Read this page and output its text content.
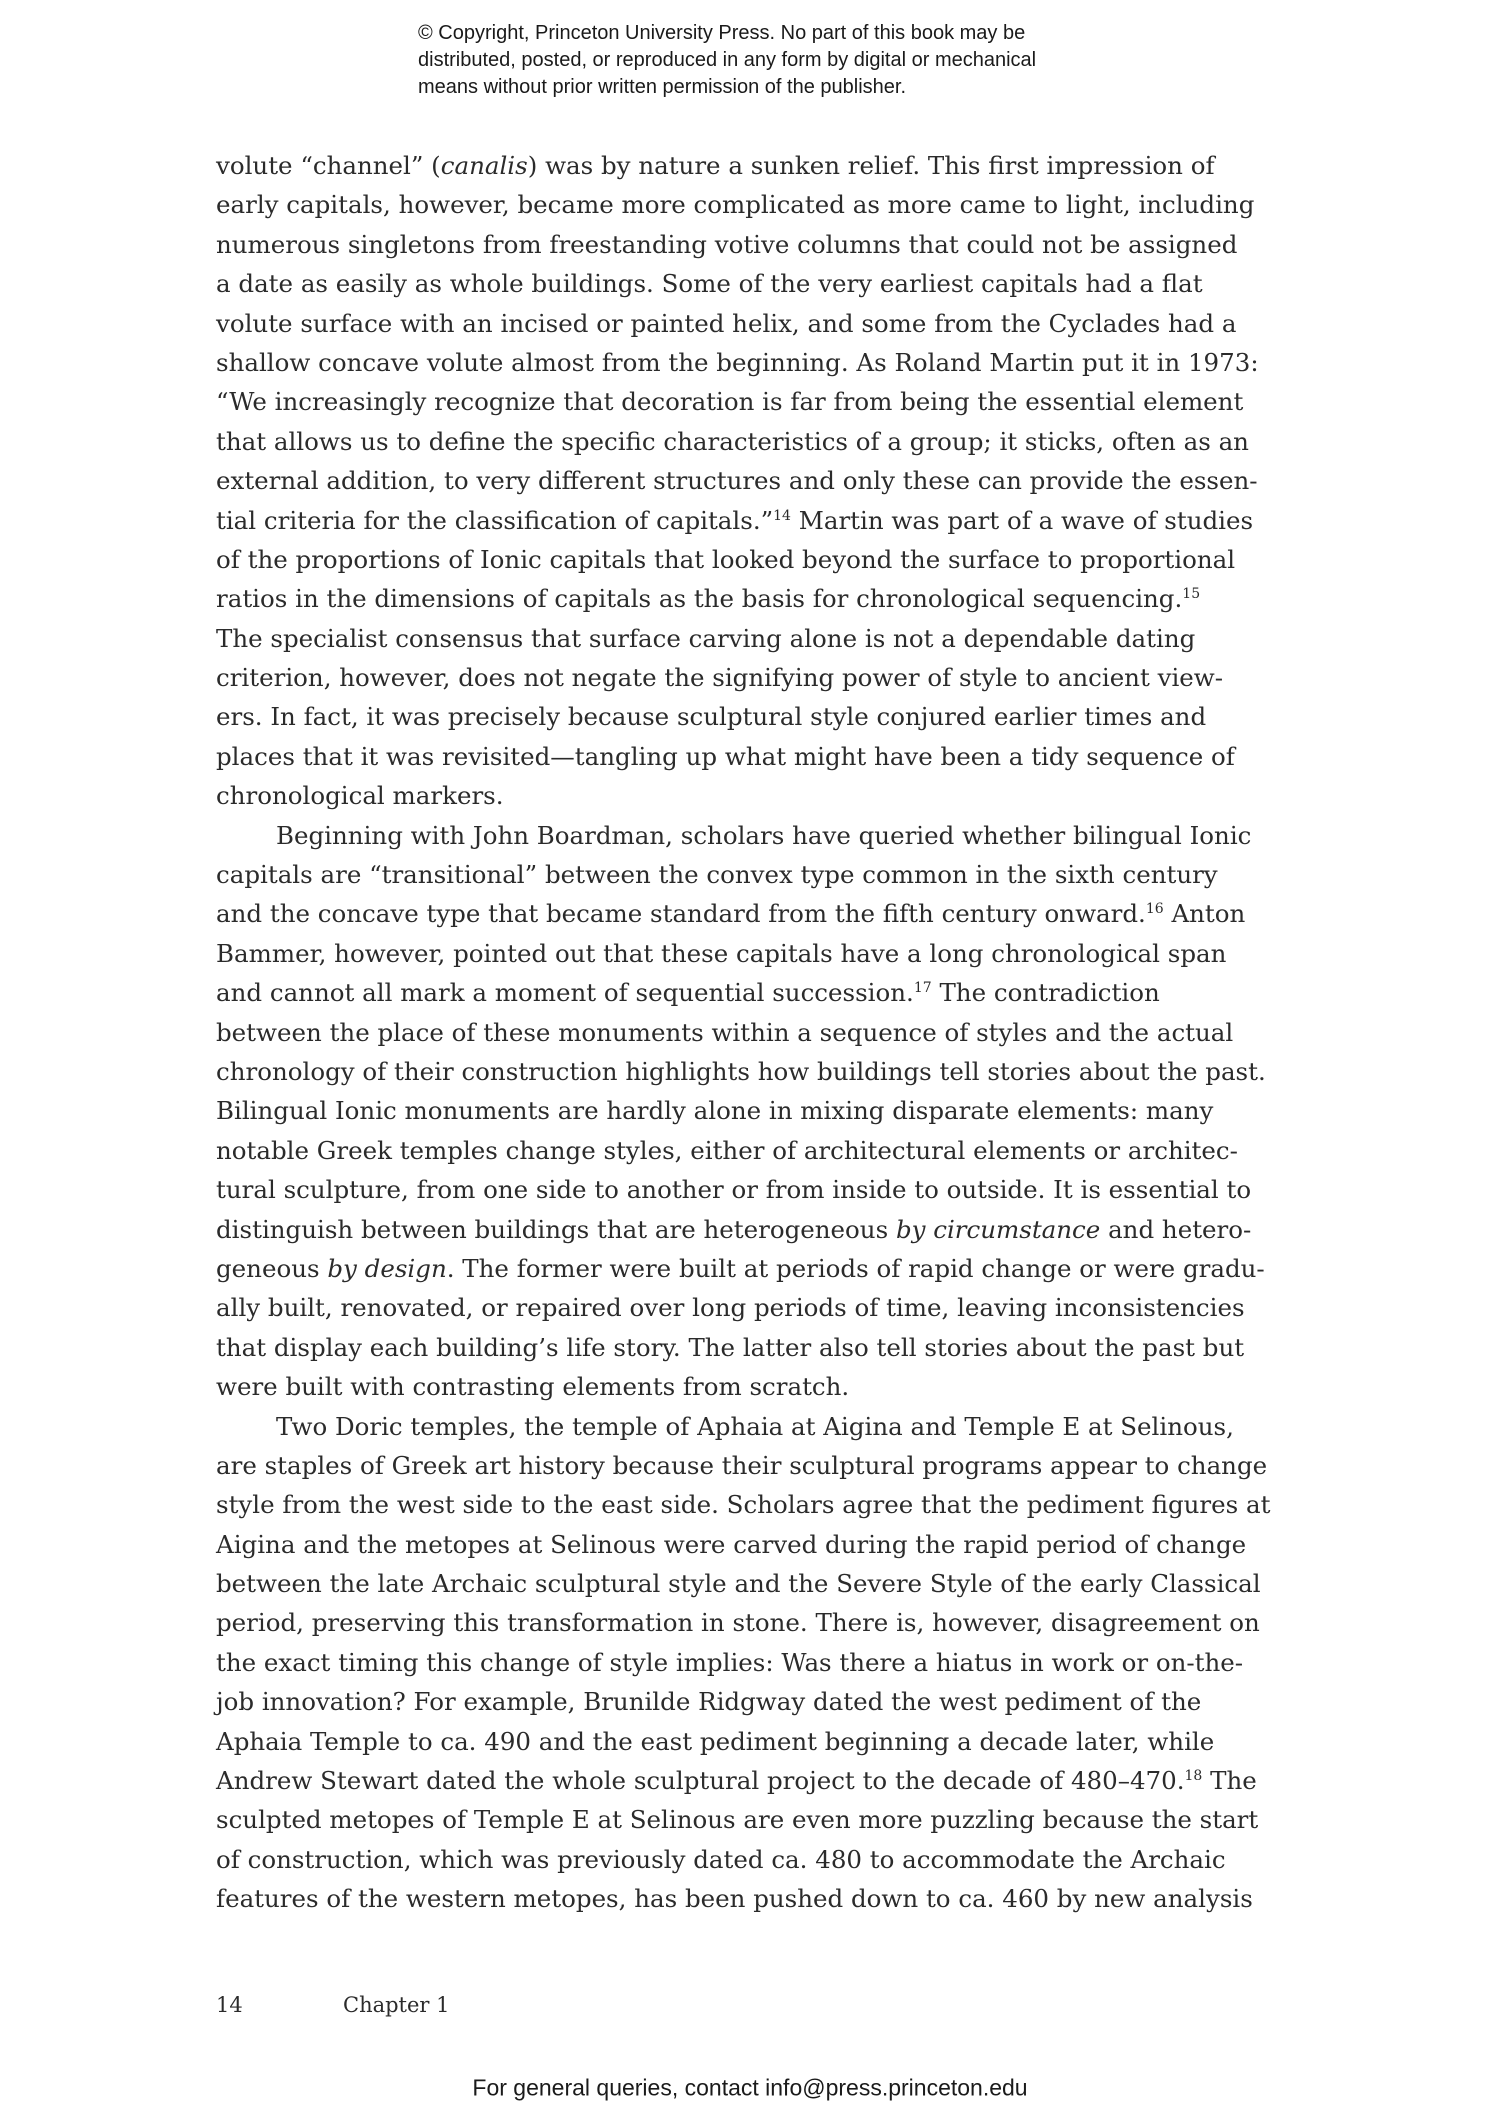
© Copyright, Princeton University Press. No part of this book may be
distributed, posted, or reproduced in any form by digital or mechanical
means without prior written permission of the publisher.
volute “channel” (canalis) was by nature a sunken relief. This first impression of
early capitals, however, became more complicated as more came to light, including
numerous singletons from freestanding votive columns that could not be assigned
a date as easily as whole buildings. Some of the very earliest capitals had a flat
volute surface with an incised or painted helix, and some from the Cyclades had a
shallow concave volute almost from the beginning. As Roland Martin put it in 1973:
“We increasingly recognize that decoration is far from being the essential element
that allows us to define the specific characteristics of a group; it sticks, often as an
external addition, to very different structures and only these can provide the essen-
tial criteria for the classification of capitals.”$^{14}$ Martin was part of a wave of studies
of the proportions of Ionic capitals that looked beyond the surface to proportional
ratios in the dimensions of capitals as the basis for chronological sequencing.$^{15}$
The specialist consensus that surface carving alone is not a dependable dating
criterion, however, does not negate the signifying power of style to ancient view-
ers. In fact, it was precisely because sculptural style conjured earlier times and
places that it was revisited—tangling up what might have been a tidy sequence of
chronological markers.
Beginning with John Boardman, scholars have queried whether bilingual Ionic
capitals are “transitional” between the convex type common in the sixth century
and the concave type that became standard from the fifth century onward.$^{16}$ Anton
Bammer, however, pointed out that these capitals have a long chronological span
and cannot all mark a moment of sequential succession.$^{17}$ The contradiction
between the place of these monuments within a sequence of styles and the actual
chronology of their construction highlights how buildings tell stories about the past.
Bilingual Ionic monuments are hardly alone in mixing disparate elements: many
notable Greek temples change styles, either of architectural elements or architec-
tural sculpture, from one side to another or from inside to outside. It is essential to
distinguish between buildings that are heterogeneous by circumstance and hetero-
geneous by design. The former were built at periods of rapid change or were gradu-
ally built, renovated, or repaired over long periods of time, leaving inconsistencies
that display each building’s life story. The latter also tell stories about the past but
were built with contrasting elements from scratch.
Two Doric temples, the temple of Aphaia at Aigina and Temple E at Selinous,
are staples of Greek art history because their sculptural programs appear to change
style from the west side to the east side. Scholars agree that the pediment figures at
Aigina and the metopes at Selinous were carved during the rapid period of change
between the late Archaic sculptural style and the Severe Style of the early Classical
period, preserving this transformation in stone. There is, however, disagreement on
the exact timing this change of style implies: Was there a hiatus in work or on-the-
job innovation? For example, Brunilde Ridgway dated the west pediment of the
Aphaia Temple to ca. 490 and the east pediment beginning a decade later, while
Andrew Stewart dated the whole sculptural project to the decade of 480–470.18 The
sculpted metopes of Temple E at Selinous are even more puzzling because the start
of construction, which was previously dated ca. 480 to accommodate the Archaic
features of the western metopes, has been pushed down to ca. 460 by new analysis
14	Chapter 1
For general queries, contact info@press.princeton.edu
